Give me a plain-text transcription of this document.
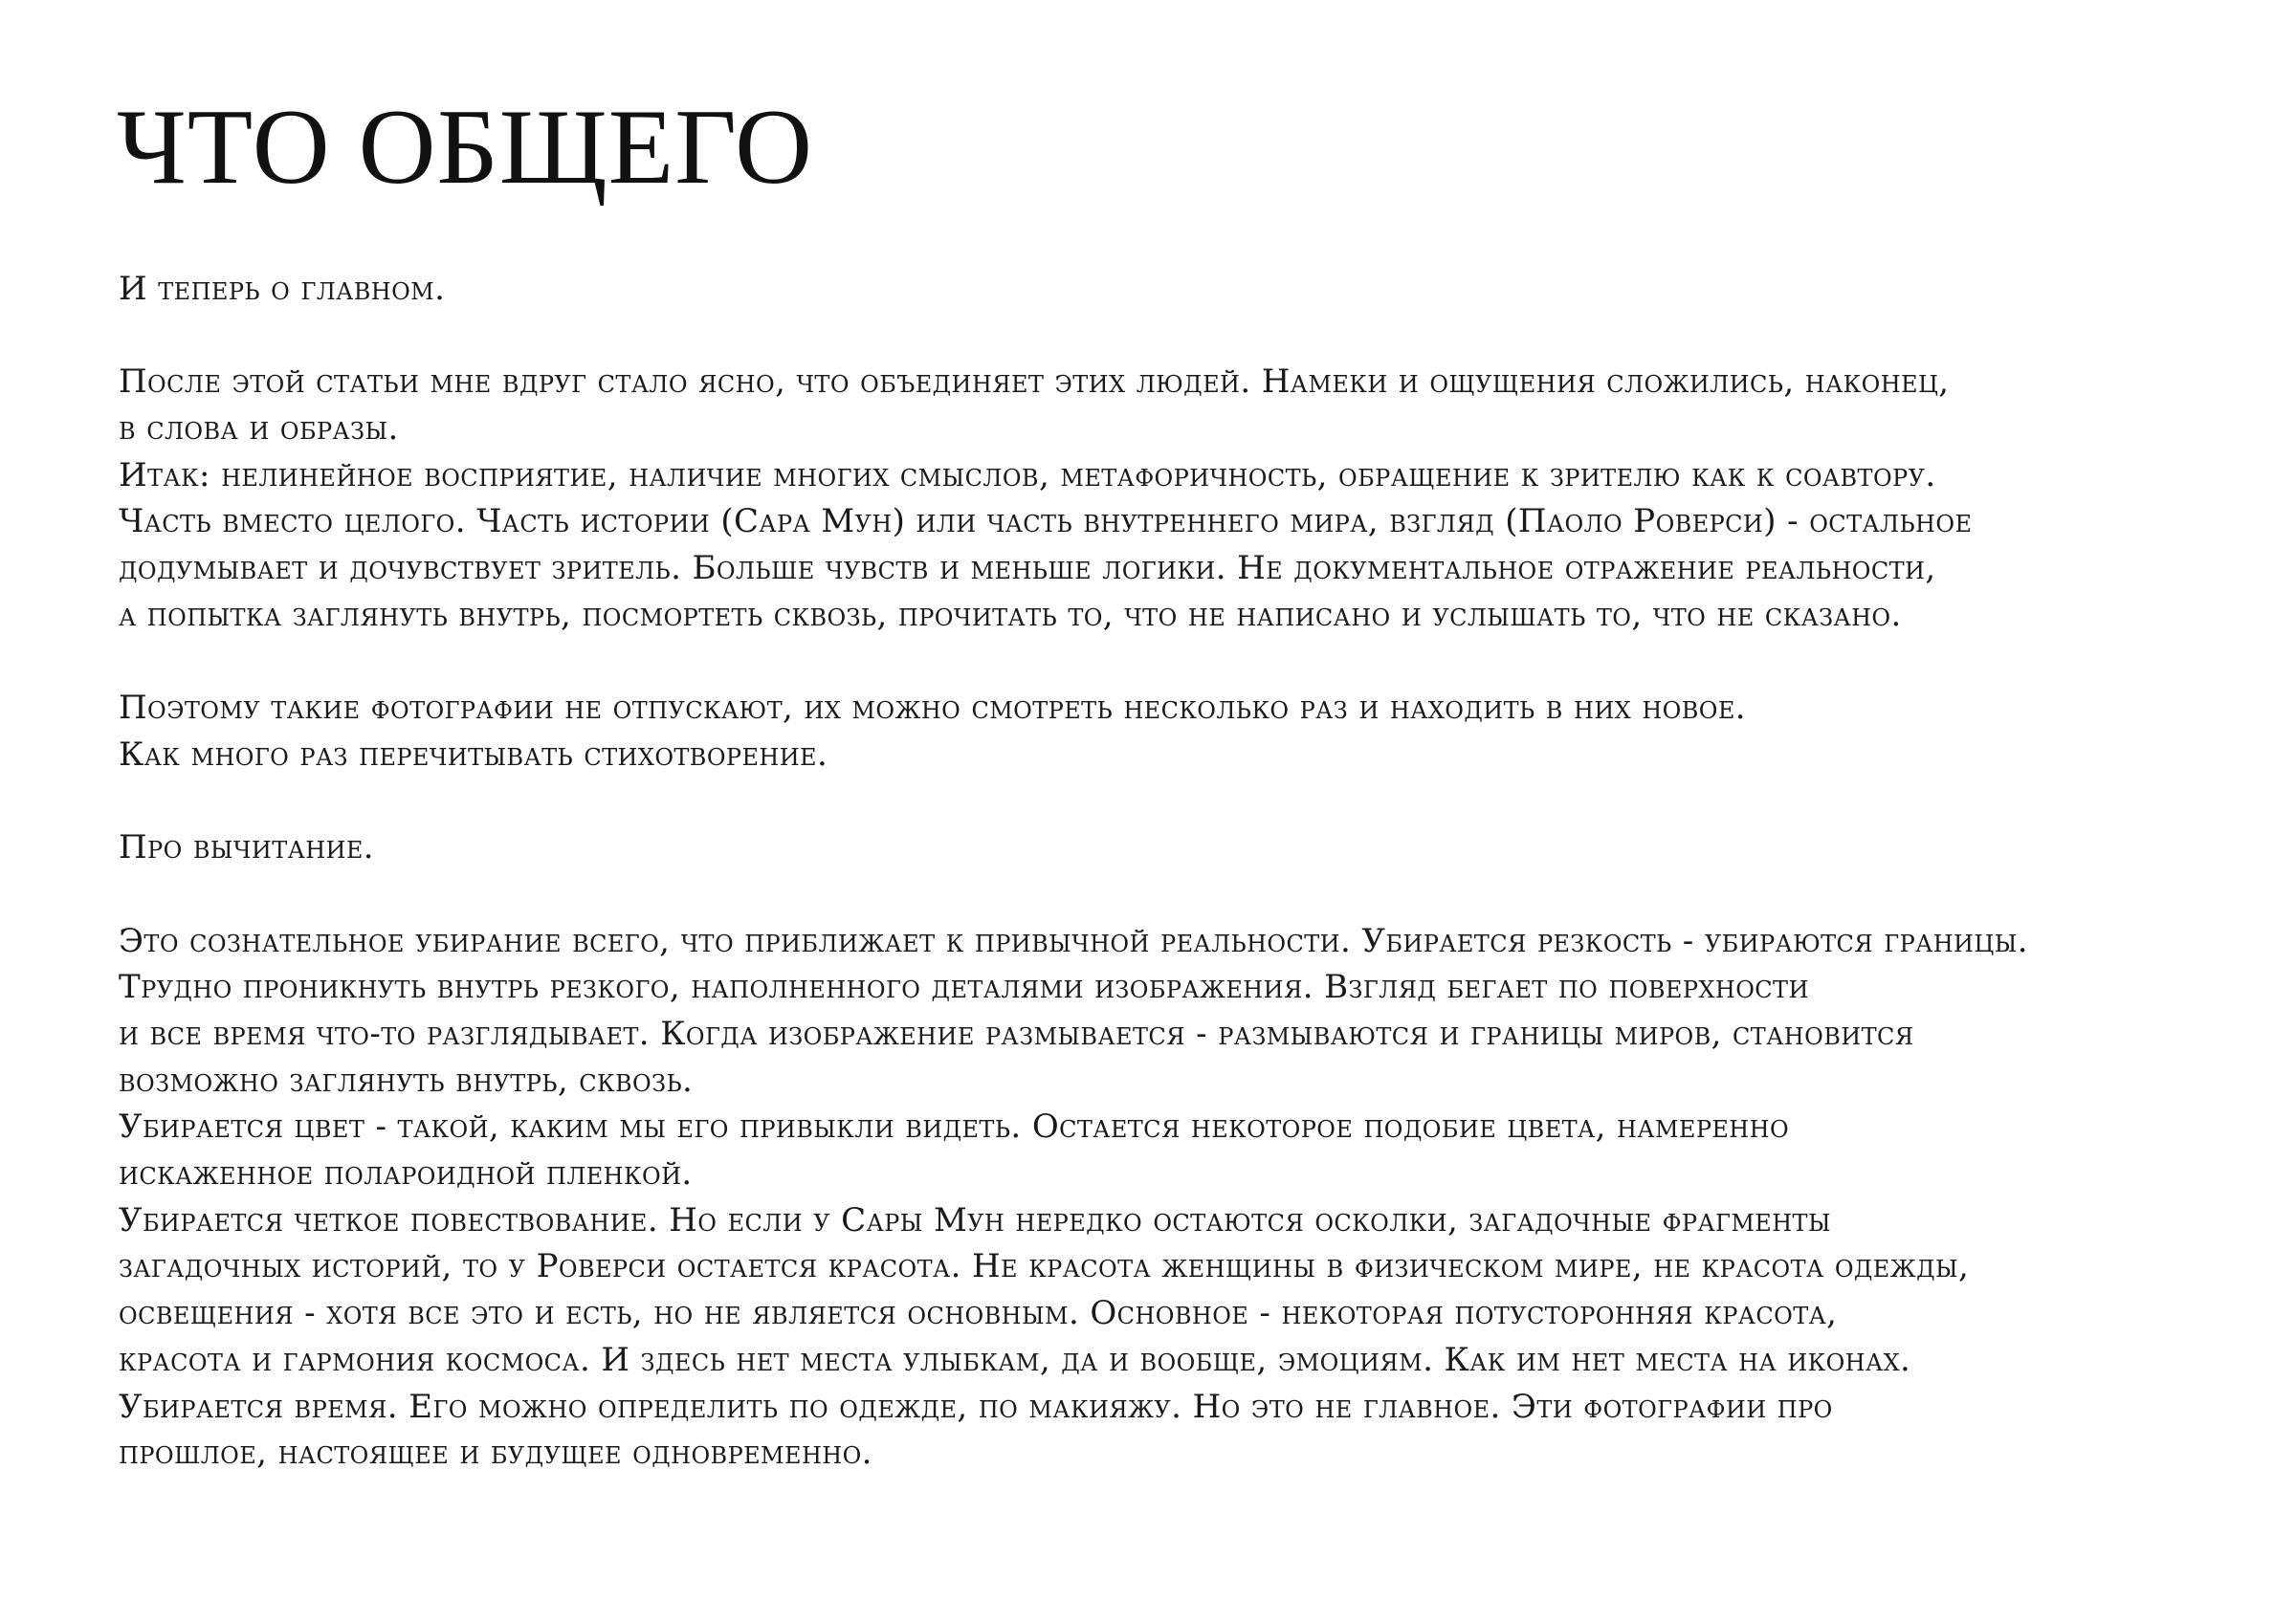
ЧТО ОБЩЕГО
И теперь о главном.
После этой статьи мне вдруг стало ясно, что объединяет этих людей. Намеки и ощущения сложились, наконец,
в слова и образы.
Итак: нелинейное восприятие, наличие многих смыслов, метафоричность, обращение к зрителю как к соавтору.
Часть вместо целого. Часть истории (Сара Мун) или часть внутреннего мира, взгляд (Паоло Роверси) - остальное
додумывает и дочувствует зритель. Больше чувств и меньше логики. Не документальное отражение реальности,
а попытка заглянуть внутрь, посмортеть сквозь, прочитать то, что не написано и услышать то, что не сказано.
Поэтому такие фотографии не отпускают, их можно смотреть несколько раз и находить в них новое.
Как много раз перечитывать стихотворение.
Про вычитание.
Это сознательное убирание всего, что приближает к привычной реальности. Убирается резкость - убираются границы.
Трудно проникнуть внутрь резкого, наполненного деталями изображения. Взгляд бегает по поверхности
и все время что-то разглядывает. Когда изображение размывается - размываются и границы миров, становится
возможно заглянуть внутрь, сквозь.
Убирается цвет - такой, каким мы его привыкли видеть. Остается некоторое подобие цвета, намеренно
искаженное полароидной пленкой.
Убирается четкое повествование. Но если у Сары Мун нередко остаются осколки, загадочные фрагменты
загадочных историй, то у Роверси остается красота. Не красота женщины в физическом мире, не красота одежды,
освещения - хотя все это и есть, но не является основным. Основное - некоторая потусторонняя красота,
красота и гармония космоса. И здесь нет места улыбкам, да и вообще, эмоциям. Как им нет места на иконах.
Убирается время. Его можно определить по одежде, по макияжу. Но это не главное. Эти фотографии про
прошлое, настоящее и будущее одновременно.
